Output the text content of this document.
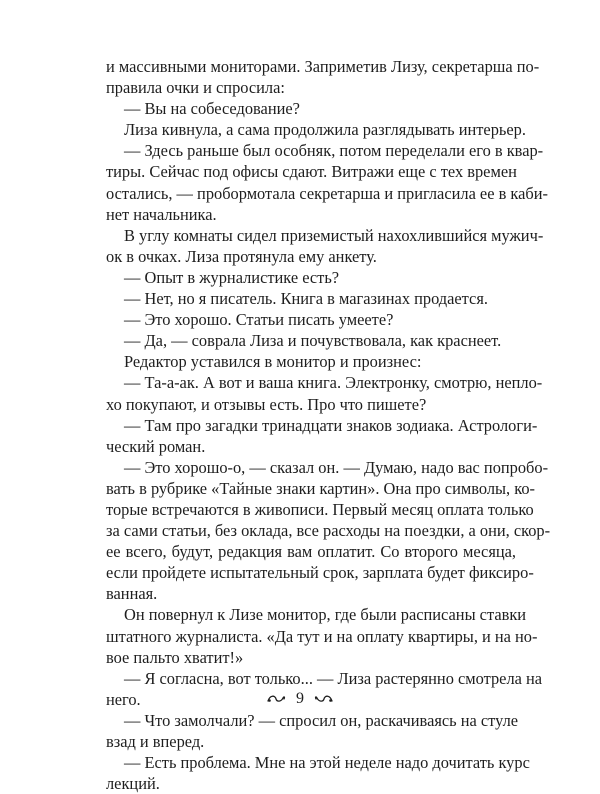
и массивными мониторами. Заприметив Лизу, секретарша по-
правила очки и спросила:
— Вы на собеседование?
Лиза кивнула, а сама продолжила разглядывать интерьер.
— Здесь раньше был особняк, потом переделали его в квар-
тиры. Сейчас под офисы сдают. Витражи еще с тех времен
остались, — пробормотала секретарша и пригласила ее в каби-
нет начальника.
В углу комнаты сидел приземистый нахохлившийся мужич-
ок в очках. Лиза протянула ему анкету.
— Опыт в журналистике есть?
— Нет, но я писатель. Книга в магазинах продается.
— Это хорошо. Статьи писать умеете?
— Да, — соврала Лиза и почувствовала, как краснеет.
Редактор уставился в монитор и произнес:
— Та-а-ак. А вот и ваша книга. Электронку, смотрю, непло-
хо покупают, и отзывы есть. Про что пишете?
— Там про загадки тринадцати знаков зодиака. Астрологи-
ческий роман.
— Это хорошо-о, — сказал он. — Думаю, надо вас попробо-
вать в рубрике «Тайные знаки картин». Она про символы, ко-
торые встречаются в живописи. Первый месяц оплата только
за сами статьи, без оклада, все расходы на поездки, а они, скор-
ее всего, будут, редакция вам оплатит. Со второго месяца,
если пройдете испытательный срок, зарплата будет фиксиро-
ванная.
Он повернул к Лизе монитор, где были расписаны ставки
штатного журналиста. «Да тут и на оплату квартиры, и на но-
вое пальто хватит!»
— Я согласна, вот только... — Лиза растерянно смотрела на
него.
— Что замолчали? — спросил он, раскачиваясь на стуле
взад и вперед.
— Есть проблема. Мне на этой неделе надо дочитать курс
лекций.
9
